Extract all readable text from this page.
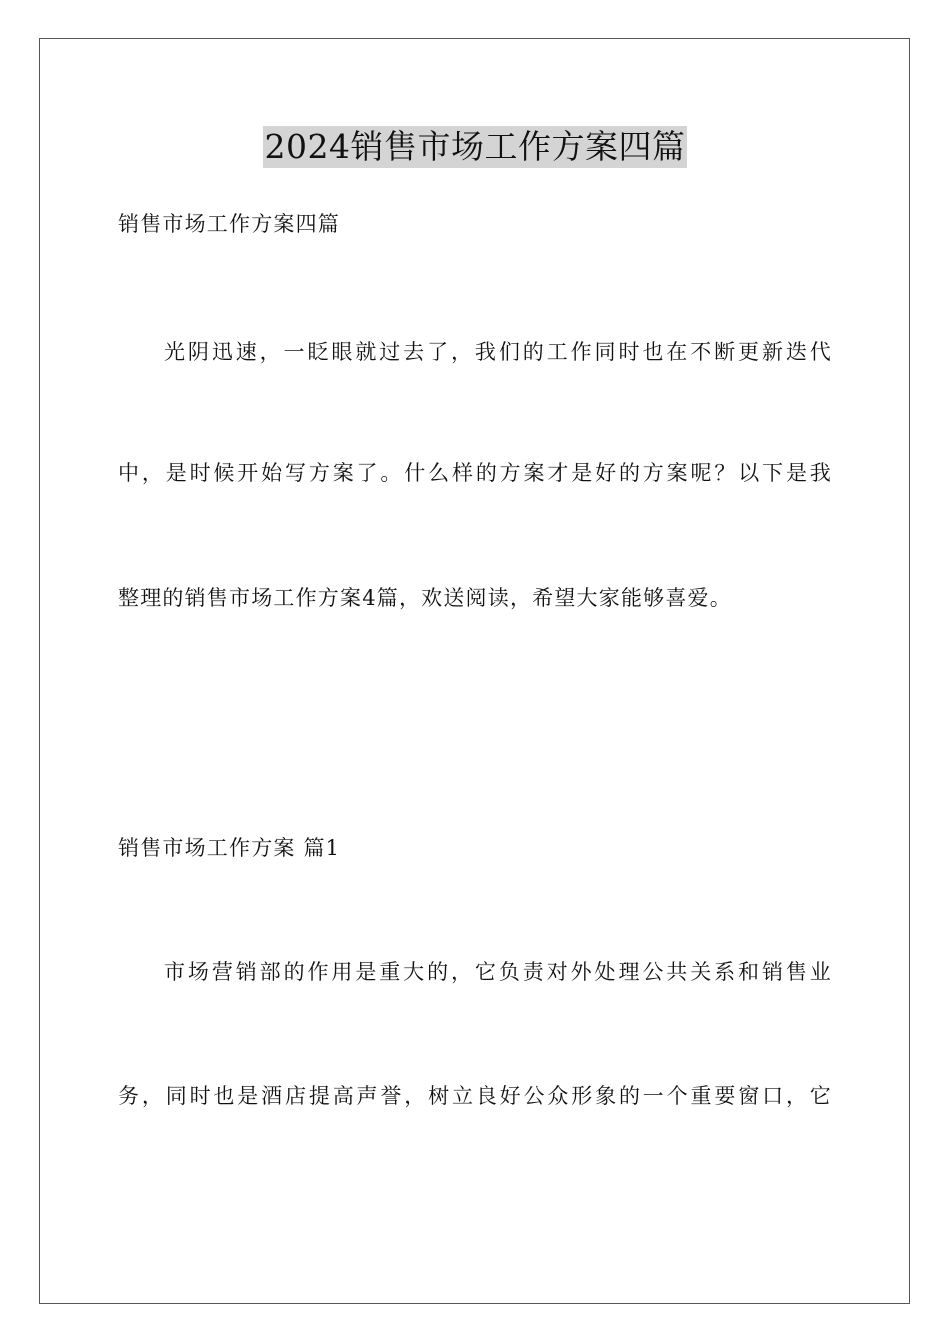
2024销售市场工作方案四篇
销售市场工作方案四篇
光阴迅速，一眨眼就过去了，我们的工作同时也在不断更新迭代
中，是时候开始写方案了。什么样的方案才是好的方案呢？以下是我
整理的销售市场工作方案4篇，欢送阅读，希望大家能够喜爱。
销售市场工作方案 篇1
市场营销部的作用是重大的，它负责对外处理公共关系和销售业
务，同时也是酒店提高声誉，树立良好公众形象的一个重要窗口，它
